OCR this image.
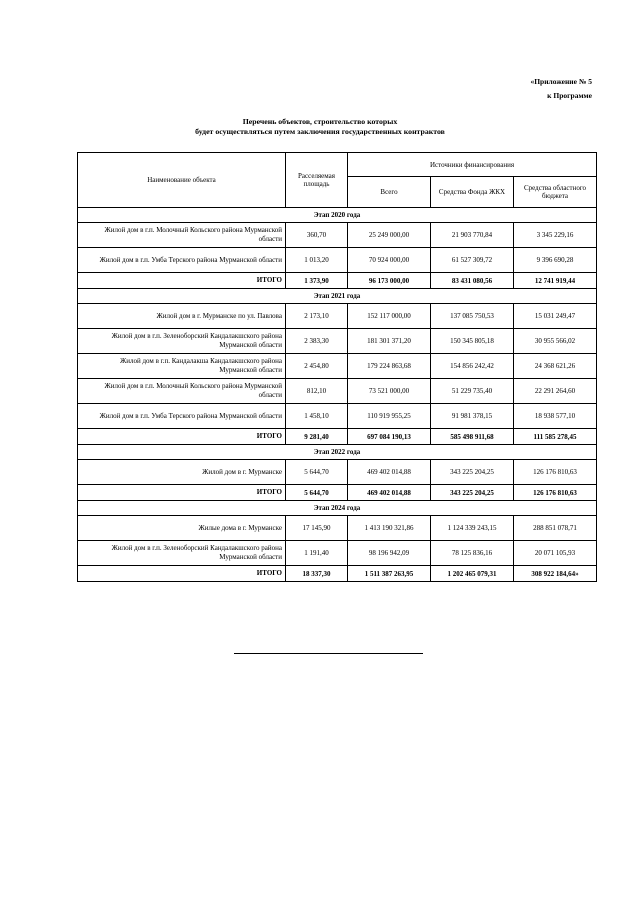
«Приложение № 5
к Программе
Перечень объектов, строительство которых
будет осуществляться путем заключения государственных контрактов
Наименование объекта	Расселяемая площадь	Источники финансирования		
		Всего	Средства Фонда ЖКХ	Средства областного бюджета
Этап 2020 года				
Жилой дом в г.п. Молочный Кольского района Мурманской области	360,70	25 249 000,00	21 903 770,84	3 345 229,16
Жилой дом в г.п. Умба Терского района Мурманской области	1 013,20	70 924 000,00	61 527 309,72	9 396 690,28
ИТОГО	1 373,90	96 173 000,00	83 431 080,56	12 741 919,44
Этап 2021 года				
Жилой дом в г. Мурманске по ул. Павлова	2 173,10	152 117 000,00	137 085 750,53	15 031 249,47
Жилой дом в г.п. Зеленоборский Кандалакшского района Мурманской области	2 383,30	181 301 371,20	150 345 805,18	30 955 566,02
Жилой дом в г.п. Кандалакша Кандалакшского района Мурманской области	2 454,80	179 224 863,68	154 856 242,42	24 368 621,26
Жилой дом в г.п. Молочный Кольского района Мурманской области	812,10	73 521 000,00	51 229 735,40	22 291 264,60
Жилой дом в г.п. Умба Терского района Мурманской области	1 458,10	110 919 955,25	91 981 378,15	18 938 577,10
ИТОГО	9 281,40	697 084 190,13	585 498 911,68	111 585 278,45
Этап 2022 года				
Жилой дом в г. Мурманске	5 644,70	469 402 014,88	343 225 204,25	126 176 810,63
ИТОГО	5 644,70	469 402 014,88	343 225 204,25	126 176 810,63
Этап 2024 года				
Жилые дома в г. Мурманске	17 145,90	1 413 190 321,86	1 124 339 243,15	288 851 078,71
Жилой дом в г.п. Зеленоборский Кандалакшского района Мурманской области	1 191,40	98 196 942,09	78 125 836,16	20 071 105,93
ИТОГО	18 337,30	1 511 387 263,95	1 202 465 079,31	308 922 184,64»
